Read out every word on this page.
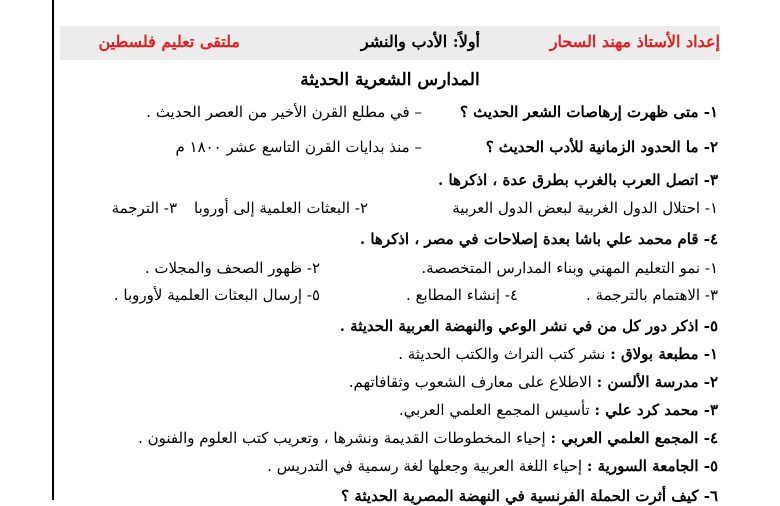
إعداد الأستاذ مهند السحار
أولاً: الأدب والنشر
ملتقى تعليم فلسطين
المدارس الشعرية الحديثة
١- متى ظهرت إرهاصات الشعر الحديث ؟
– في مطلع القرن الأخير من العصر الحديث .
٢- ما الحدود الزمانية للأدب الحديث ؟
– منذ بدايات القرن التاسع عشر ١٨٠٠ م
٣- اتصل العرب بالغرب بطرق عدة ، اذكرها .
١- احتلال الدول الغربية لبعض الدول العربية
٢- البعثات العلمية إلى أوروبا
٣- الترجمة
٤- قام محمد علي باشا بعدة إصلاحات في مصر ، اذكرها .
١- نمو التعليم المهني وبناء المدارس المتخصصة.
٢- ظهور الصحف والمجلات .
٣- الاهتمام بالترجمة .
٤- إنشاء المطابع .
٥- إرسال البعثات العلمية لأوروبا .
٥- اذكر دور كل من في نشر الوعي والنهضة العربية الحديثة .
١- مطبعة بولاق : نشر كتب التراث والكتب الحديثة .
٢- مدرسة الألسن : الاطلاع على معارف الشعوب وثقافاتهم.
٣- محمد كرد علي : تأسيس المجمع العلمي العربي.
٤- المجمع العلمي العربي : إحياء المخطوطات القديمة ونشرها ، وتعريب كتب العلوم والفنون .
٥- الجامعة السورية : إحياء اللغة العربية وجعلها لغة رسمية في التدريس .
٦- كيف أثرت الحملة الفرنسية في النهضة المصرية الحديثة ؟
